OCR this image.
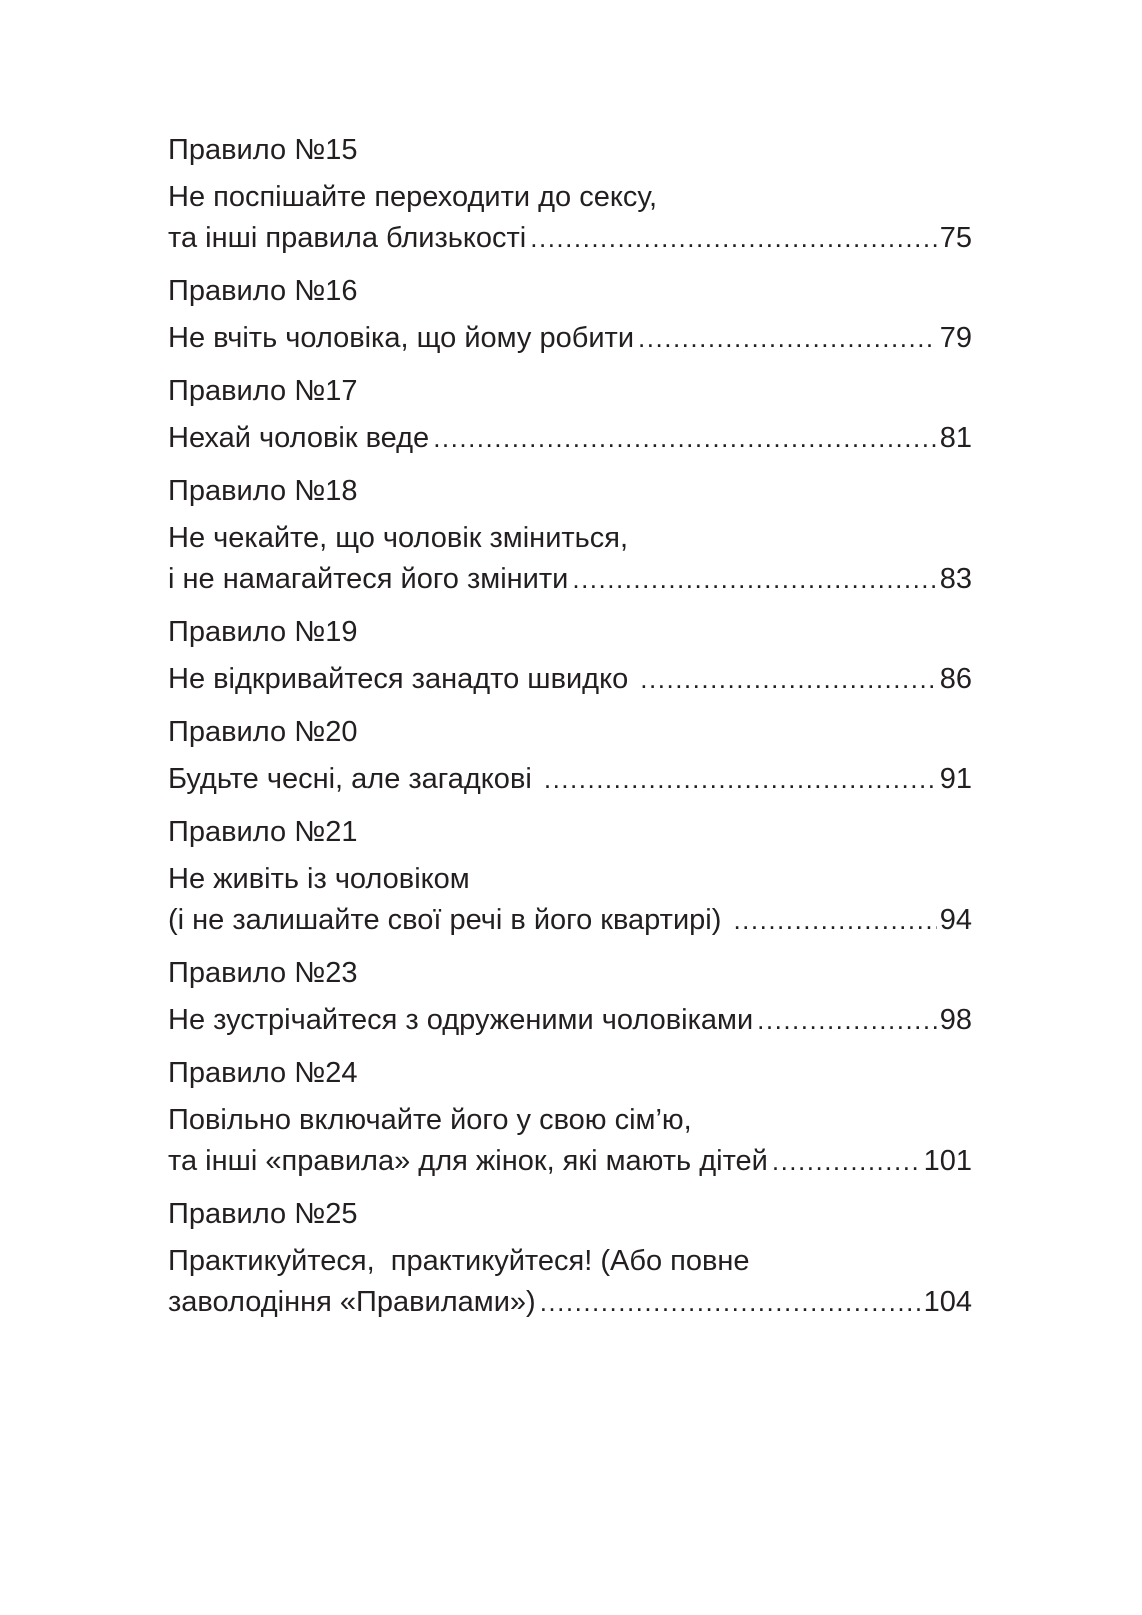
Правило №15
Не поспішайте переходити до сексу,
та інші правила близькості .....	75
Правило №16
Не вчіть чоловіка, що йому робити .....	79
Правило №17
Нехай чоловік веде .....	81
Правило №18
Не чекайте, що чоловік зміниться,
і не намагайтеся його змінити .....	83
Правило №19
Не відкривайтеся занадто швидко .....	86
Правило №20
Будьте чесні, але загадкові .....	91
Правило №21
Не живіть із чоловіком
(і не залишайте свої речі в його квартирі) .....	94
Правило №23
Не зустрічайтеся з одруженими чоловіками .....	98
Правило №24
Повільно включайте його у свою сім’ю,
та інші «правила» для жінок, які мають дітей .....	101
Правило №25
Практикуйтеся,  практикуйтеся! (Або повне
заволодіння «Правилами») .....	104
